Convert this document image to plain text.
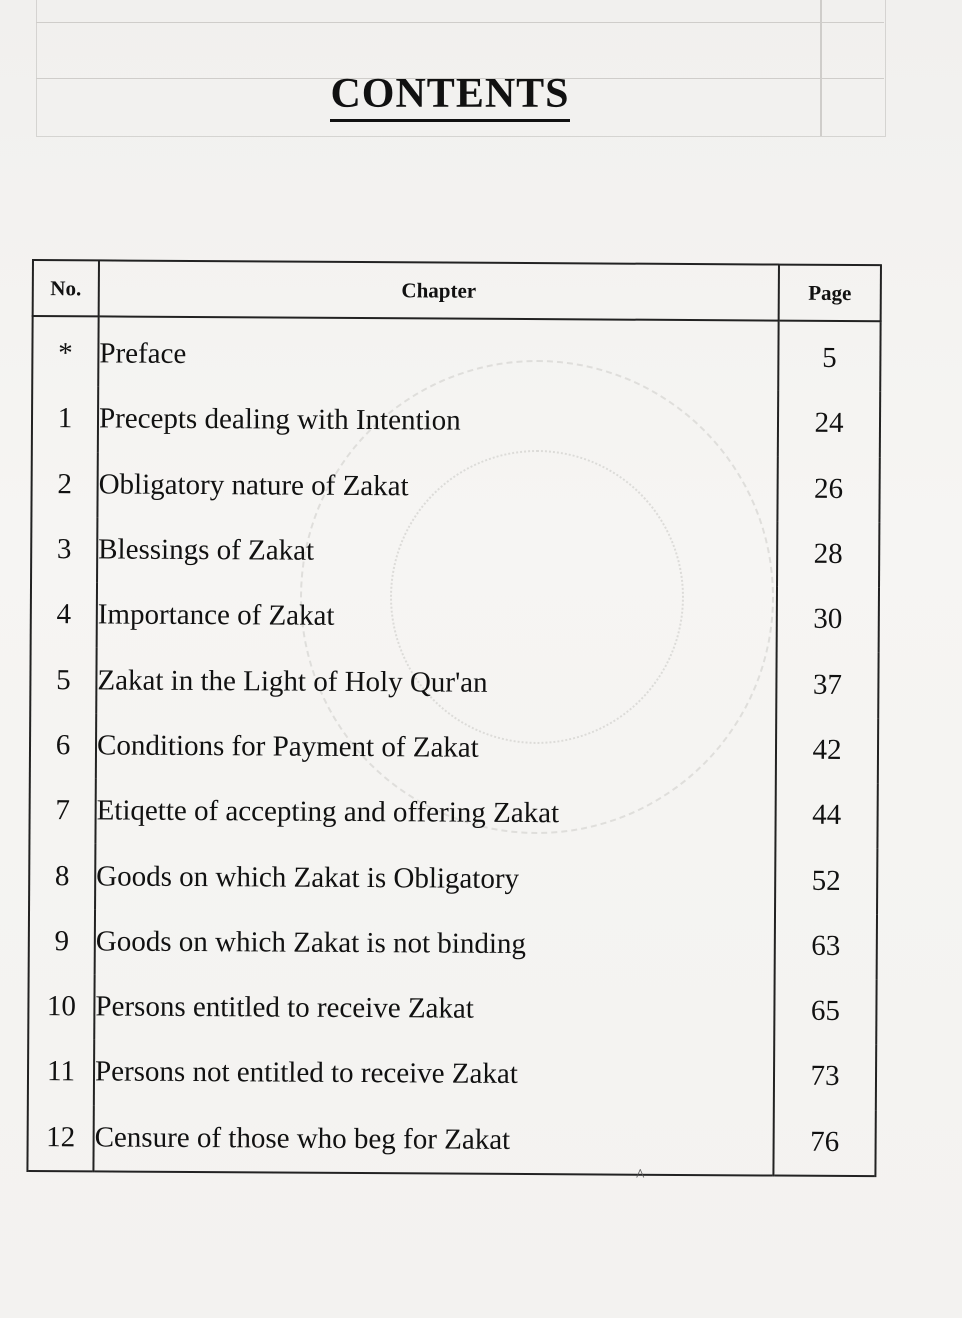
CONTENTS
No.	Chapter	Page
*	Preface	5
1	Precepts dealing with Intention	24
2	Obligatory nature of Zakat	26
3	Blessings of Zakat	28
4	Importance of Zakat	30
5	Zakat in the Light of Holy Qur'an	37
6	Conditions for Payment of Zakat	42
7	Etiqette of accepting and offering Zakat	44
8	Goods on which Zakat is Obligatory	52
9	Goods on which Zakat is not binding	63
10	Persons entitled to receive Zakat	65
11	Persons not entitled to receive Zakat	73
12	Censure of those who beg for Zakat	76
^
